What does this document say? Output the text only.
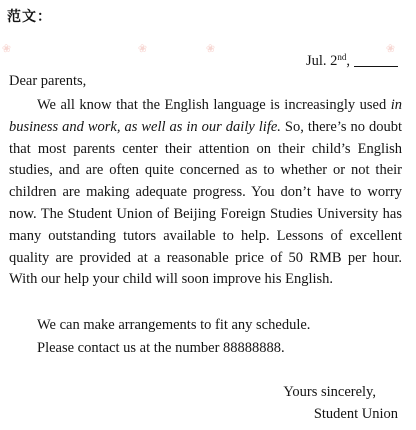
范文：
Jul. 2nd,
Dear parents,

We all know that the English language is increasingly used in business and work, as well as in our daily life. So, there’s no doubt that most parents center their attention on their child’s English studies, and are often quite concerned as to whether or not their children are making adequate progress. You don’t have to worry now. The Student Union of Beijing Foreign Studies University has many outstanding tutors available to help. Lessons of excellent quality are provided at a reasonable price of 50 RMB per hour. With our help your child will soon improve his English.

We can make arrangements to fit any schedule.
Please contact us at the number 88888888.
Yours sincerely,
Student Union
❀	❀	❀	❀
